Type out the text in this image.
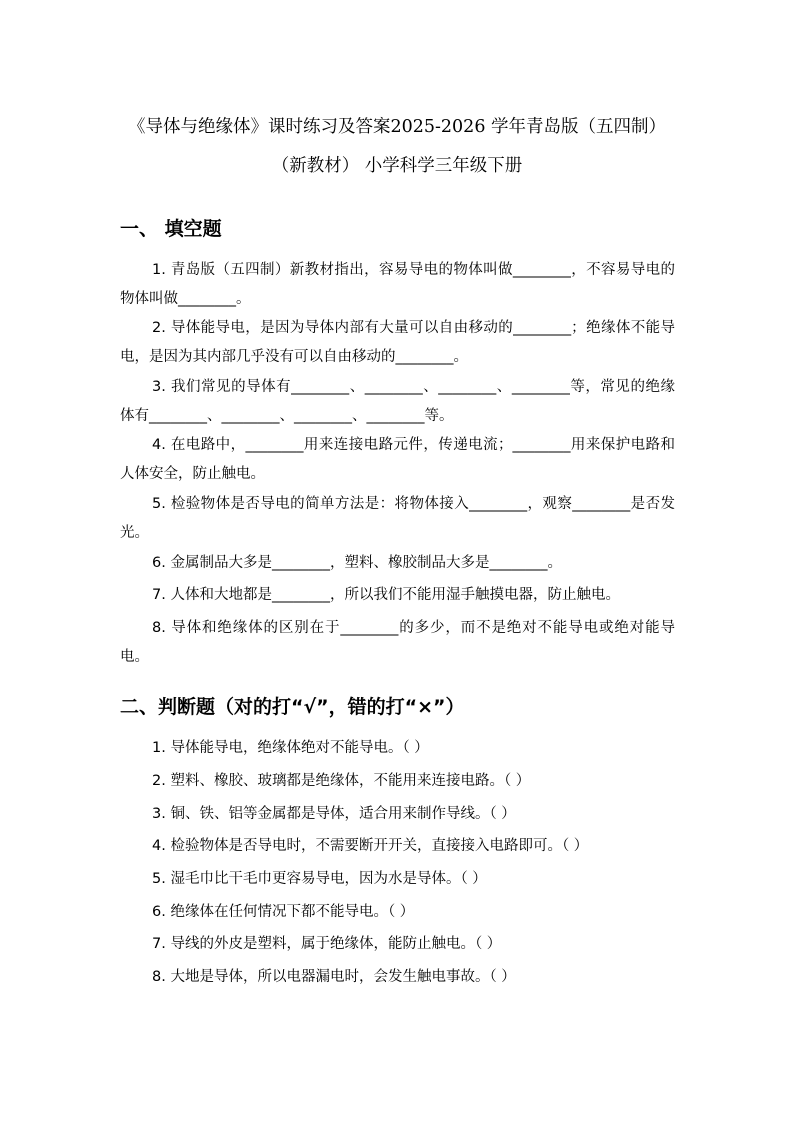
《导体与绝缘体》课时练习及答案2025-2026 学年青岛版（五四制）
（新教材） 小学科学三年级下册
一、 填空题
1. 青岛版（五四制）新教材指出，容易导电的物体叫做________，不容易导电的物体叫做________。
2. 导体能导电，是因为导体内部有大量可以自由移动的________；绝缘体不能导电，是因为其内部几乎没有可以自由移动的________。
3. 我们常见的导体有________、________、________、________等，常见的绝缘体有________、________、________、________等。
4. 在电路中，________用来连接电路元件，传递电流；________用来保护电路和人体安全，防止触电。
5. 检验物体是否导电的简单方法是：将物体接入________，观察________是否发光。
6. 金属制品大多是________，塑料、橡胶制品大多是________。
7. 人体和大地都是________，所以我们不能用湿手触摸电器，防止触电。
8. 导体和绝缘体的区别在于________的多少，而不是绝对不能导电或绝对能导电。
二、判断题（对的打“√”，错的打“×”）
1. 导体能导电，绝缘体绝对不能导电。（ ）
2. 塑料、橡胶、玻璃都是绝缘体，不能用来连接电路。（ ）
3. 铜、铁、铝等金属都是导体，适合用来制作导线。（ ）
4. 检验物体是否导电时，不需要断开开关，直接接入电路即可。（ ）
5. 湿毛巾比干毛巾更容易导电，因为水是导体。（ ）
6. 绝缘体在任何情况下都不能导电。（ ）
7. 导线的外皮是塑料，属于绝缘体，能防止触电。（ ）
8. 大地是导体，所以电器漏电时，会发生触电事故。（ ）
